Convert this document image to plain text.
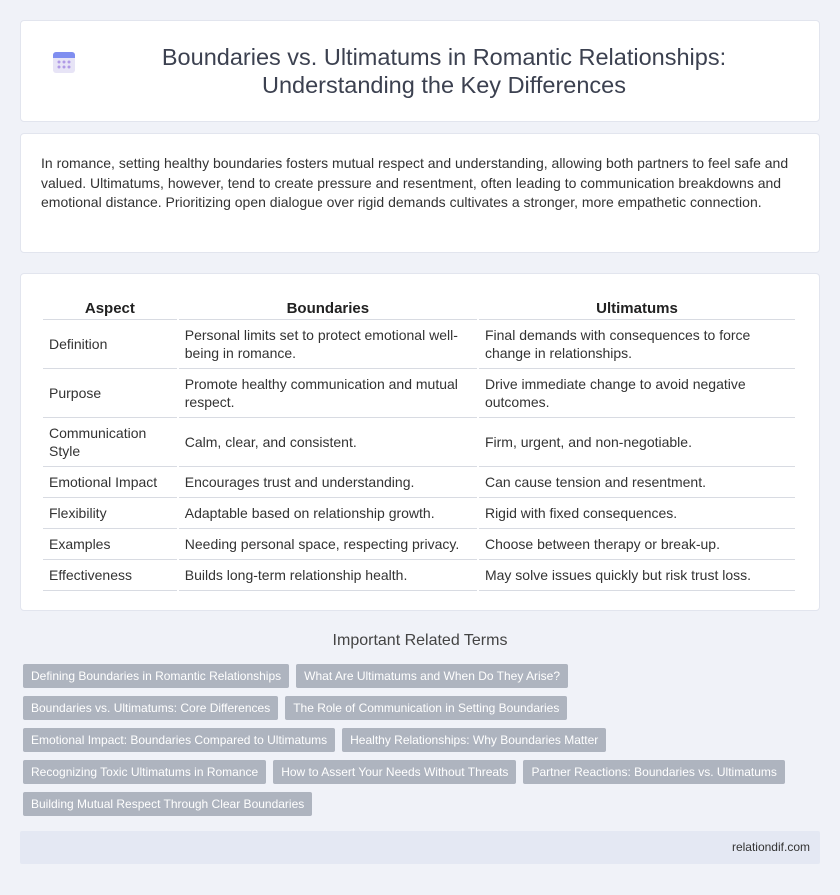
Boundaries vs. Ultimatums in Romantic Relationships: Understanding the Key Differences

In romance, setting healthy boundaries fosters mutual respect and understanding, allowing both partners to feel safe and valued. Ultimatums, however, tend to create pressure and resentment, often leading to communication breakdowns and emotional distance. Prioritizing open dialogue over rigid demands cultivates a stronger, more empathetic connection.

Aspect	Boundaries	Ultimatums
Definition	Personal limits set to protect emotional well-being in romance.	Final demands with consequences to force change in relationships.
Purpose	Promote healthy communication and mutual respect.	Drive immediate change to avoid negative outcomes.
Communication Style	Calm, clear, and consistent.	Firm, urgent, and non-negotiable.
Emotional Impact	Encourages trust and understanding.	Can cause tension and resentment.
Flexibility	Adaptable based on relationship growth.	Rigid with fixed consequences.
Examples	Needing personal space, respecting privacy.	Choose between therapy or break-up.
Effectiveness	Builds long-term relationship health.	May solve issues quickly but risk trust loss.
Important Related Terms
Defining Boundaries in Romantic Relationships	What Are Ultimatums and When Do They Arise?
Boundaries vs. Ultimatums: Core Differences	The Role of Communication in Setting Boundaries
Emotional Impact: Boundaries Compared to Ultimatums	Healthy Relationships: Why Boundaries Matter
Recognizing Toxic Ultimatums in Romance	How to Assert Your Needs Without Threats	Partner Reactions: Boundaries vs. Ultimatums
Building Mutual Respect Through Clear Boundaries
relationdif.com
